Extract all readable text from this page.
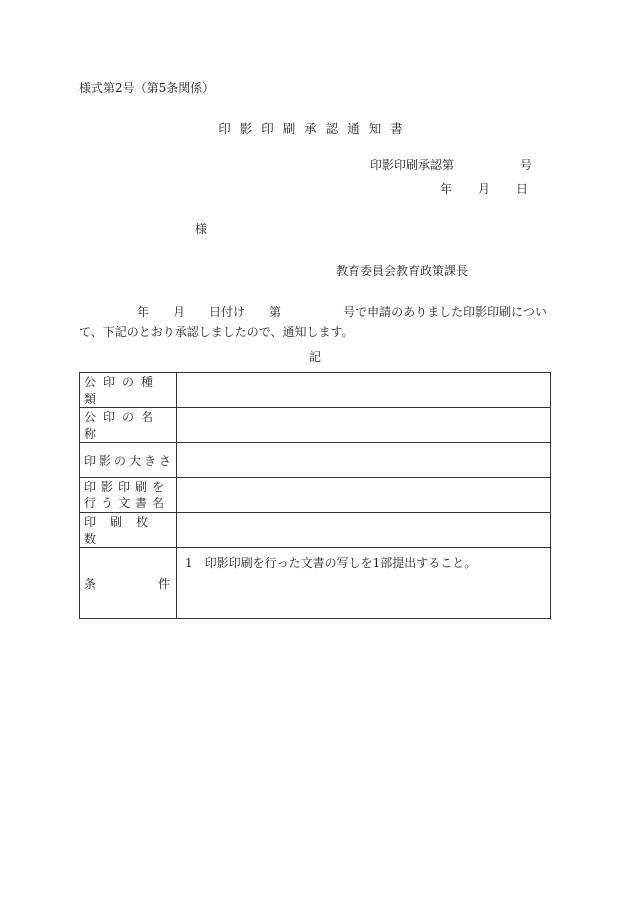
様式第2号（第5条関係）
印影印刷承認通知書
印影印刷承認第	号
年 月 日
様
教育委員会教育政策課長
年 月 日付け 第	号で申請のありました印影印刷につい
て、下記のとおり承認しましたので、通知します。
記
公印の種類	
公印の名称	
印影の大きさ	

印影印刷を
行う文書名	

印刷枚数	

条 件	1　印影印刷を行った文書の写しを1部提出すること。
